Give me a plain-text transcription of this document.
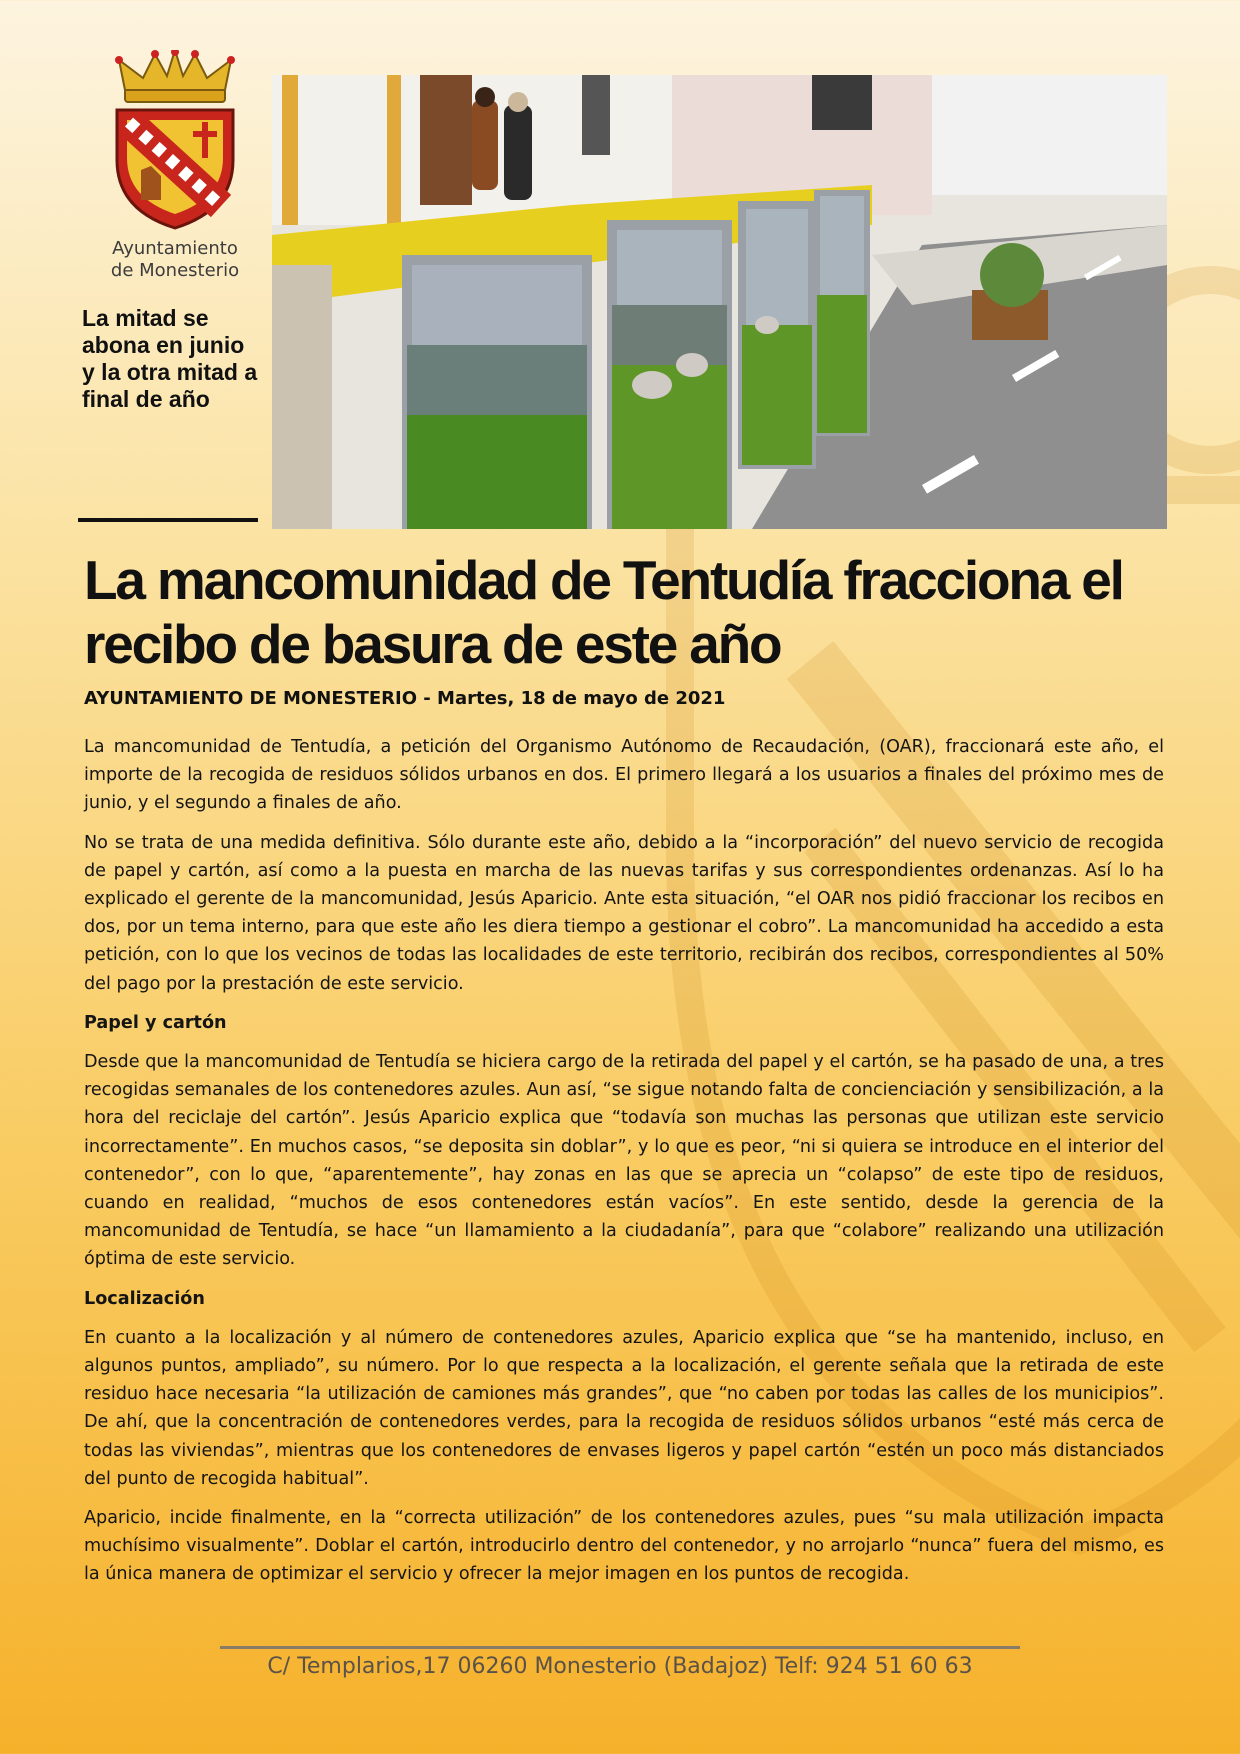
Ayuntamiento
de Monesterio
La mitad se abona en junio y la otra mitad a final de año
La mancomunidad de Tentudía fracciona el recibo de basura de este año

AYUNTAMIENTO DE MONESTERIO - Martes, 18 de mayo de 2021

La mancomunidad de Tentudía, a petición del Organismo Autónomo de Recaudación, (OAR), fraccionará este año, el importe de la recogida de residuos sólidos urbanos en dos. El primero llegará a los usuarios a finales del próximo mes de junio, y el segundo a finales de año.

No se trata de una medida definitiva. Sólo durante este año, debido a la “incorporación” del nuevo servicio de recogida de papel y cartón, así como a la puesta en marcha de las nuevas tarifas y sus correspondientes ordenanzas. Así lo ha explicado el gerente de la mancomunidad, Jesús Aparicio. Ante esta situación, “el OAR nos pidió fraccionar los recibos en dos, por un tema interno, para que este año les diera tiempo a gestionar el cobro”. La mancomunidad ha accedido a esta petición, con lo que los vecinos de todas las localidades de este territorio, recibirán dos recibos, correspondientes al 50% del pago por la prestación de este servicio.

Papel y cartón

Desde que la mancomunidad de Tentudía se hiciera cargo de la retirada del papel y el cartón, se ha pasado de una, a tres recogidas semanales de los contenedores azules. Aun así, “se sigue notando falta de concienciación y sensibilización, a la hora del reciclaje del cartón”. Jesús Aparicio explica que “todavía son muchas las personas que utilizan este servicio incorrectamente”. En muchos casos, “se deposita sin doblar”, y lo que es peor, “ni si quiera se introduce en el interior del contenedor”, con lo que, “aparentemente”, hay zonas en las que se aprecia un “colapso” de este tipo de residuos, cuando en realidad, “muchos de esos contenedores están vacíos”. En este sentido, desde la gerencia de la mancomunidad de Tentudía, se hace “un llamamiento a la ciudadanía”, para que “colabore” realizando una utilización óptima de este servicio.

Localización

En cuanto a la localización y al número de contenedores azules, Aparicio explica que “se ha mantenido, incluso, en algunos puntos, ampliado”, su número. Por lo que respecta a la localización, el gerente señala que la retirada de este residuo hace necesaria “la utilización de camiones más grandes”, que “no caben por todas las calles de los municipios”. De ahí, que la concentración de contenedores verdes, para la recogida de residuos sólidos urbanos “esté más cerca de todas las viviendas”, mientras que los contenedores de envases ligeros y papel cartón “estén un poco más distanciados del punto de recogida habitual”.

Aparicio, incide finalmente, en la “correcta utilización” de los contenedores azules, pues “su mala utilización impacta muchísimo visualmente”. Doblar el cartón, introducirlo dentro del contenedor, y no arrojarlo “nunca” fuera del mismo, es la única manera de optimizar el servicio y ofrecer la mejor imagen en los puntos de recogida.

C/ Templarios,17 06260 Monesterio (Badajoz) Telf: 924 51 60 63
